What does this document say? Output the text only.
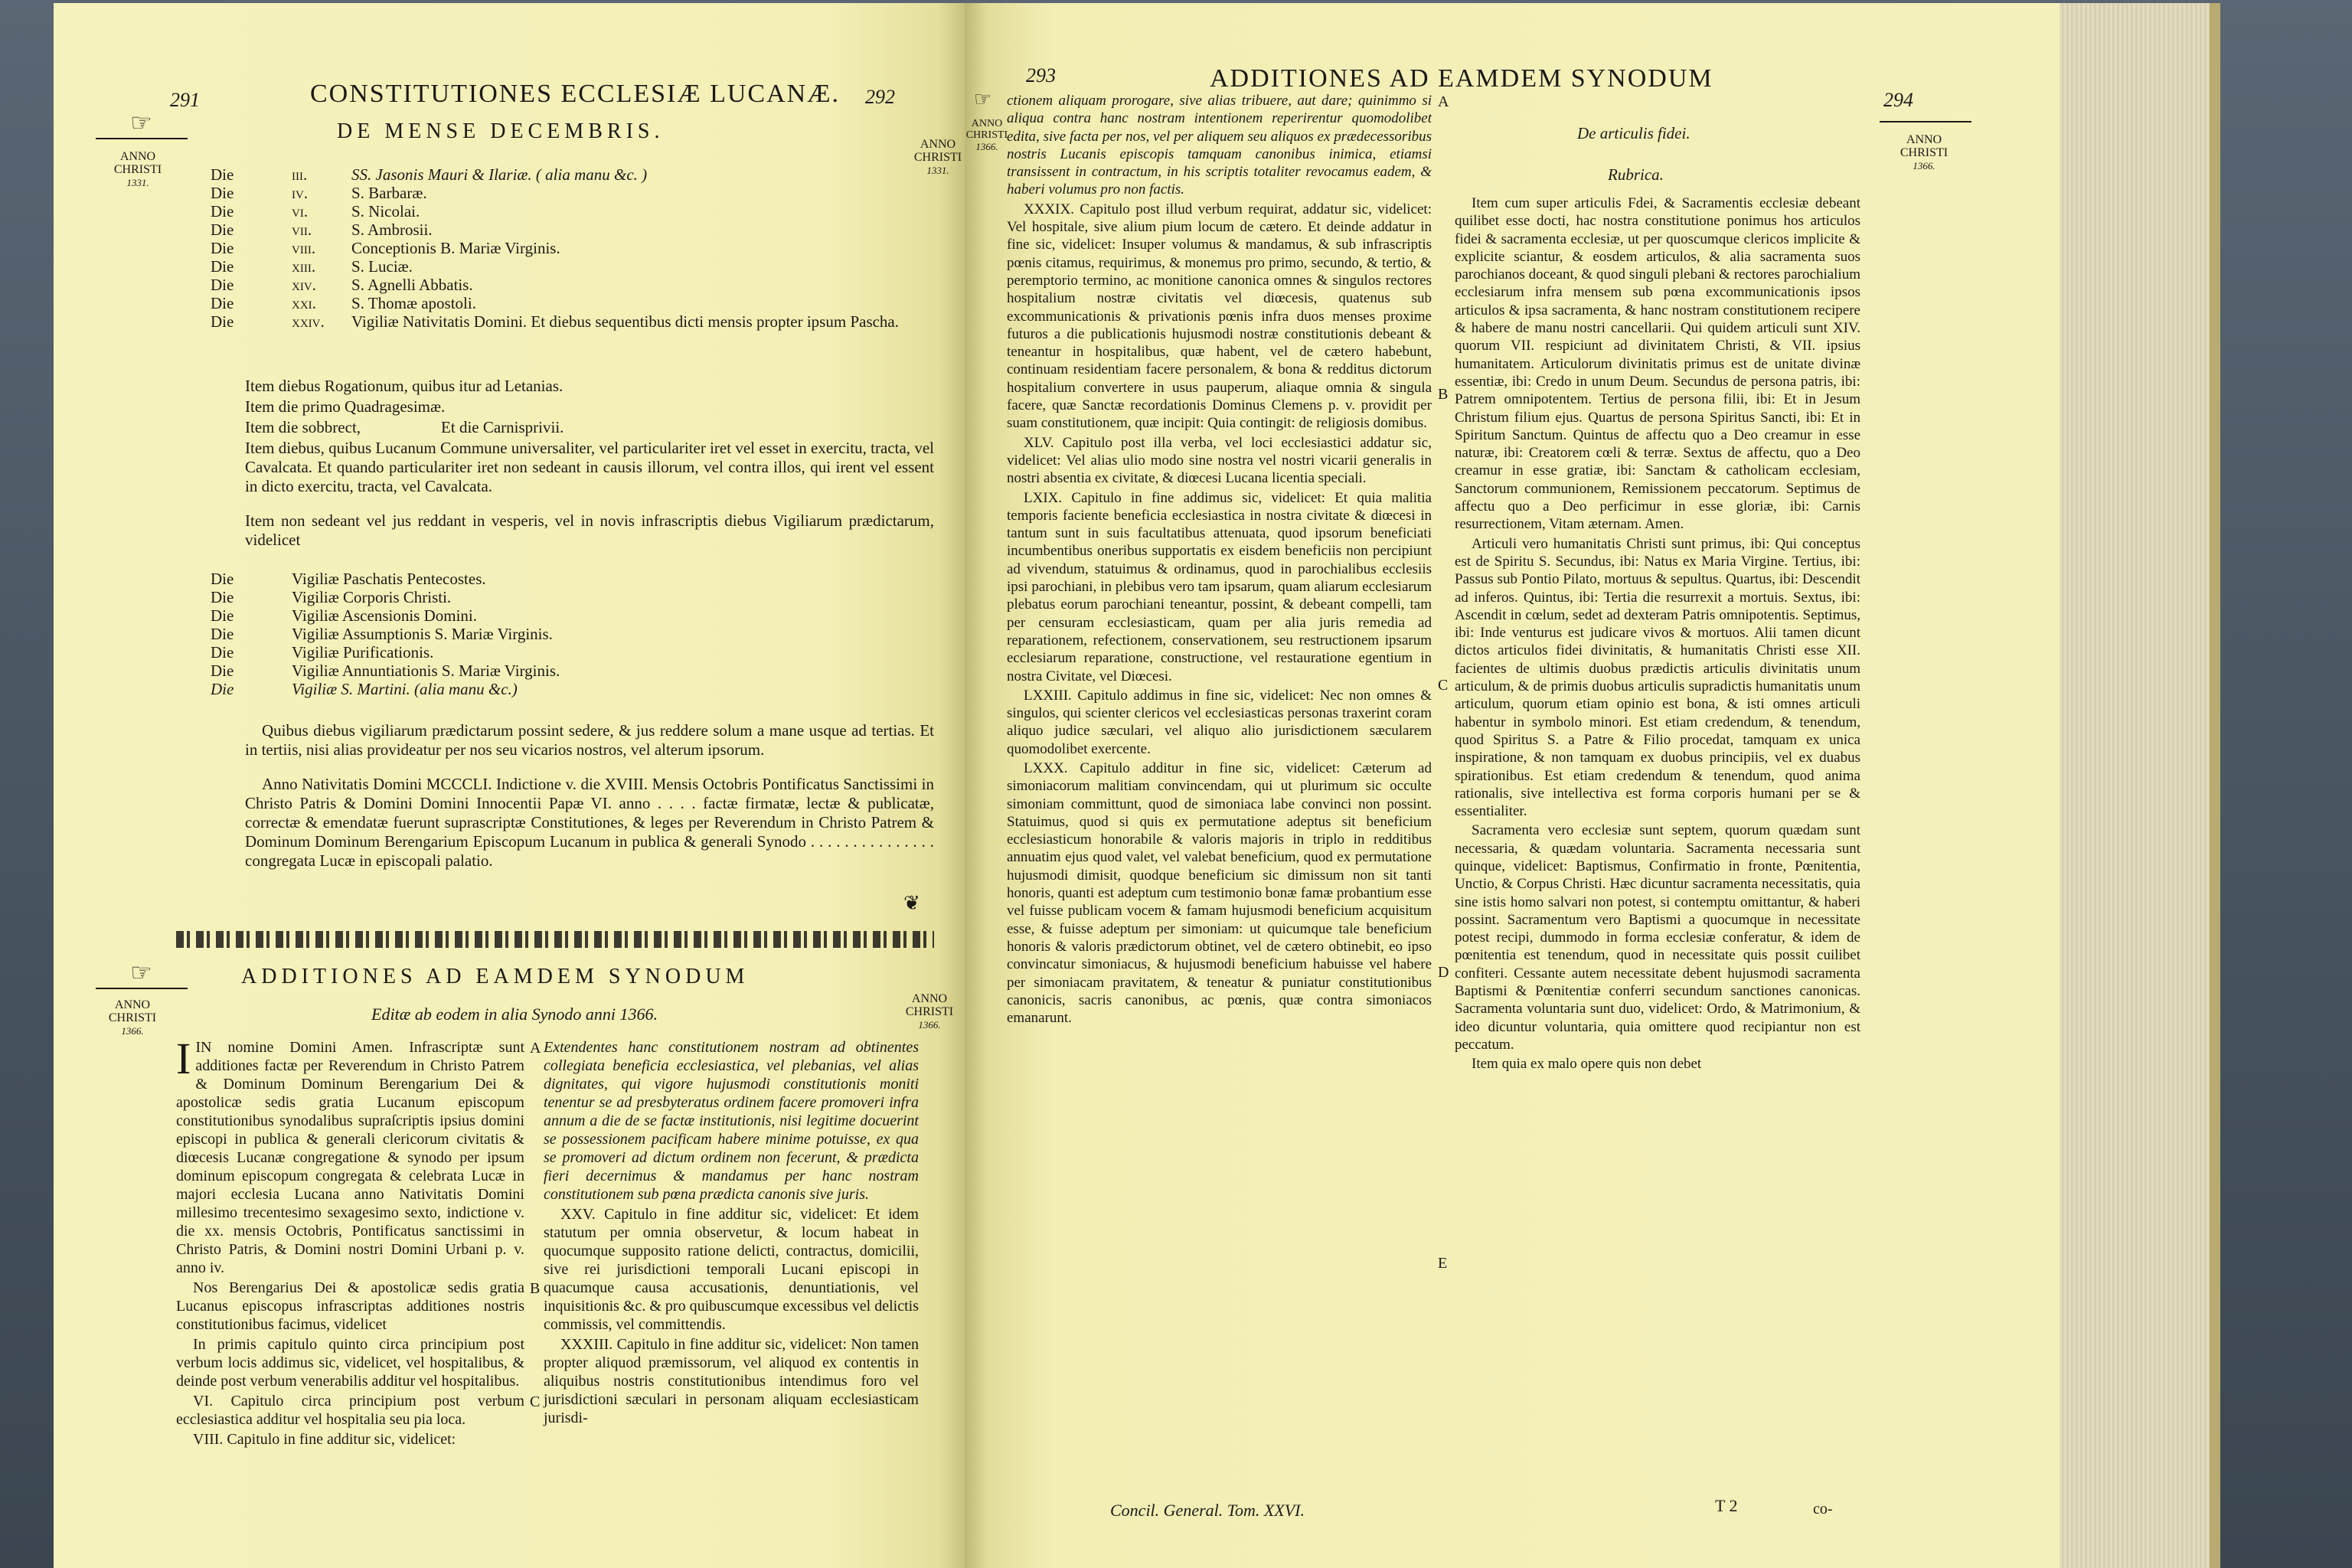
291	CONSTITUTIONES ECCLESIÆ LUCANÆ. 292
☞	DE MENSE DECEMBRIS.
ANNO
CHRISTI
1331.
ANNO
CHRISTI
1331.
Die	iii.	SS. Jasonis Mauri & Ilariæ. ( alia manu &c. )
Die	iv.	S. Barbaræ.
Die	vi.	S. Nicolai.
Die	vii.	S. Ambrosii.
Die	viii.	Conceptionis B. Mariæ Virginis.
Die	xiii.	S. Luciæ.
Die	xiv.	S. Agnelli Abbatis.
Die	xxi.	S. Thomæ apostoli.
Die	xxiv.	Vigiliæ Nativitatis Domini. Et diebus sequentibus dicti mensis propter ipsum Pascha.

Item diebus Rogationum, quibus itur ad Letanias.

Item die primo Quadragesimæ.

Item die sobbrect,                    Et die Carnisprivii.

Item diebus, quibus Lucanum Commune universaliter, vel particulariter iret vel esset in exercitu, tracta, vel Cavalcata. Et quando particulariter iret non sedeant in causis illorum, vel contra illos, qui irent vel essent in dicto exercitu, tracta, vel Cavalcata.

Item non sedeant vel jus reddant in vesperis, vel in novis infrascriptis diebus Vigiliarum prædictarum, videlicet

Die	Vigiliæ Paschatis Pentecostes.
Die	Vigiliæ Corporis Christi.
Die	Vigiliæ Ascensionis Domini.
Die	Vigiliæ Assumptionis S. Mariæ Virginis.
Die	Vigiliæ Purificationis.
Die	Vigiliæ Annuntiationis S. Mariæ Virginis.
Die	Vigiliæ S. Martini. (alia manu &c.)

Quibus diebus vigiliarum prædictarum possint sedere, & jus reddere solum a mane usque ad tertias. Et in tertiis, nisi alias provideatur per nos seu vicarios nostros, vel alterum ipsorum.

Anno Nativitatis Domini MCCCLI. Indictione v. die XVIII. Mensis Octobris Pontificatus Sanctissimi in Christo Patris & Domini Domini Innocentii Papæ VI. anno . . . . factæ firmatæ, lectæ & publicatæ, correctæ & emendatæ fuerunt suprascriptæ Constitutiones, & leges per Reverendum in Christo Patrem & Dominum Dominum Berengarium Episcopum Lucanum in publica & generali Synodo . . . . . . . . . . . . . . . congregata Lucæ in episcopali palatio.

❦
☞	ADDITIONES AD EAMDEM SYNODUM
Editæ ab eodem in alia Synodo anni 1366.
ANNO
CHRISTI
1366.
ANNO
CHRISTI
1366.
I IN nomine Domini Amen. Infrascriptæ sunt additiones factæ per Reverendum in Christo Patrem & Dominum Dominum Berengarium Dei & apostolicæ sedis gratia Lucanum episcopum constitutionibus synodalibus supraſcriptis ipsius domini episcopi in publica & generali clericorum civitatis & diœcesis Lucanæ congregatione & synodo per ipsum dominum episcopum congregata & celebrata Lucæ in majori ecclesia Lucana anno Nativitatis Domini millesimo trecentesimo sexagesimo sexto, indictione v. die xx. mensis Octobris, Pontificatus sanctissimi in Christo Patris, & Domini nostri Domini Urbani p. v. anno iv.

Nos Berengarius Dei & apostolicæ sedis gratia Lucanus episcopus infrascriptas additiones nostris constitutionibus facimus, videlicet

In primis capitulo quinto circa principium post verbum locis addimus sic, videlicet, vel hospitalibus, & deinde post verbum venerabilis additur vel hospitalibus.

VI. Capitulo circa principium post verbum ecclesiastica additur vel hospitalia seu pia loca.

VIII. Capitulo in fine additur sic, videlicet:

A
B
C

Extendentes hanc constitutionem nostram ad obtinentes collegiata beneficia ecclesiastica, vel plebanias, vel alias dignitates, qui vigore hujusmodi constitutionis moniti tenentur se ad presbyteratus ordinem facere promoveri infra annum a die de se factæ institutionis, nisi legitime docuerint se possessionem pacificam habere minime potuisse, ex qua se promoveri ad dictum ordinem non fecerunt, & prædicta fieri decernimus & mandamus per hanc nostram constitutionem sub pœna prædicta canonis sive juris.

XXV. Capitulo in fine additur sic, videlicet: Et idem statutum per omnia observetur, & locum habeat in quocumque supposito ratione delicti, contractus, domicilii, sive rei jurisdictioni temporali Lucani episcopi in quacumque causa accusationis, denuntiationis, vel inquisitionis &c. & pro quibuscumque excessibus vel delictis commissis, vel committendis.

XXXIII. Capitulo in fine additur sic, videlicet: Non tamen propter aliquod præmissorum, vel aliquod ex contentis in aliquibus nostris constitutionibus intendimus foro vel jurisdictioni sæculari in personam aliquam ecclesiasticam jurisdi-

293	ADDITIONES AD EAMDEM SYNODUM
294
☞
ANNO
CHRISTI
1366.
ANNO
CHRISTI
1366.

ctionem aliquam prorogare, sive alias tribuere, aut dare; quinimmo si aliqua contra hanc nostram intentionem reperirentur quomodolibet edita, sive facta per nos, vel per aliquem seu aliquos ex prædecessoribus nostris Lucanis episcopis tamquam canonibus inimica, etiamsi transissent in contractum, in his scriptis totaliter revocamus eadem, & haberi volumus pro non factis.

XXXIX. Capitulo post illud verbum requirat, addatur sic, videlicet: Vel hospitale, sive alium pium locum de cætero. Et deinde addatur in fine sic, videlicet: Insuper volumus & mandamus, & sub infrascriptis pœnis citamus, requirimus, & monemus pro primo, secundo, & tertio, & peremptorio termino, ac monitione canonica omnes & singulos rectores hospitalium nostræ civitatis vel diœcesis, quatenus sub excommunicationis & privationis pœnis infra duos menses proxime futuros a die publicationis hujusmodi nostræ constitutionis debeant & teneantur in hospitalibus, quæ habent, vel de cætero habebunt, continuam residentiam facere personalem, & bona & redditus dictorum hospitalium convertere in usus pauperum, aliaque omnia & singula facere, quæ Sanctæ recordationis Dominus Clemens p. v. providit per suam constitutionem, quæ incipit: Quia contingit: de religiosis domibus.

XLV. Capitulo post illa verba, vel loci ecclesiastici addatur sic, videlicet: Vel alias ulio modo sine nostra vel nostri vicarii generalis in nostri absentia ex civitate, & diœcesi Lucana licentia speciali.

LXIX. Capitulo in fine addimus sic, videlicet: Et quia malitia temporis faciente beneficia ecclesiastica in nostra civitate & diœcesi in tantum sunt in suis facultatibus attenuata, quod ipsorum beneficiati incumbentibus oneribus supportatis ex eisdem beneficiis non percipiunt ad vivendum, statuimus & ordinamus, quod in parochialibus ecclesiis ipsi parochiani, in plebibus vero tam ipsarum, quam aliarum ecclesiarum plebatus eorum parochiani teneantur, possint, & debeant compelli, tam per censuram ecclesiasticam, quam per alia juris remedia ad reparationem, refectionem, conservationem, seu restructionem ipsarum ecclesiarum reparatione, constructione, vel restauratione egentium in nostra Civitate, vel Diœcesi.

LXXIII. Capitulo addimus in fine sic, videlicet: Nec non omnes & singulos, qui scienter clericos vel ecclesiasticas personas traxerint coram aliquo judice sæculari, vel aliquo alio jurisdictionem sæcularem quomodolibet exercente.

LXXX. Capitulo additur in fine sic, videlicet: Cæterum ad simoniacorum malitiam convincendam, qui ut plurimum sic occulte simoniam committunt, quod de simoniaca labe convinci non possint. Statuimus, quod si quis ex permutatione adeptus sit beneficium ecclesiasticum honorabile & valoris majoris in triplo in redditibus annuatim ejus quod valet, vel valebat beneficium, quod ex permutatione hujusmodi dimisit, quodque beneficium sic dimissum non sit tanti honoris, quanti est adeptum cum testimonio bonæ famæ probantium esse vel fuisse publicam vocem & famam hujusmodi beneficium acquisitum esse, & fuisse adeptum per simoniam: ut quicumque tale beneficium honoris & valoris prædictorum obtinet, vel de cætero obtinebit, eo ipso convincatur simoniacus, & hujusmodi beneficium habuisse vel habere per simoniacam pravitatem, & teneatur & puniatur constitutionibus canonicis, sacris canonibus, ac pœnis, quæ contra simoniacos emanarunt.

A
B
C
D
E
De articulis fidei.
Rubrica.

Item cum super articulis Fdei, & Sacramentis ecclesiæ debeant quilibet esse docti, hac nostra constitutione ponimus hos articulos fidei & sacramenta ecclesiæ, ut per quoscumque clericos implicite & explicite sciantur, & eosdem articulos, & alia sacramenta suos parochianos doceant, & quod singuli plebani & rectores parochialium ecclesiarum infra mensem sub pœna excommunicationis ipsos articulos & ipsa sacramenta, & hanc nostram constitutionem recipere & habere de manu nostri cancellarii. Qui quidem articuli sunt XIV. quorum VII. respiciunt ad divinitatem Christi, & VII. ipsius humanitatem. Articulorum divinitatis primus est de unitate divinæ essentiæ, ibi: Credo in unum Deum. Secundus de persona patris, ibi: Patrem omnipotentem. Tertius de persona filii, ibi: Et in Jesum Christum filium ejus. Quartus de persona Spiritus Sancti, ibi: Et in Spiritum Sanctum. Quintus de affectu quo a Deo creamur in esse naturæ, ibi: Creatorem cœli & terræ. Sextus de affectu, quo a Deo creamur in esse gratiæ, ibi: Sanctam & catholicam ecclesiam, Sanctorum communionem, Remissionem peccatorum. Septimus de affectu quo a Deo perficimur in esse gloriæ, ibi: Carnis resurrectionem, Vitam æternam. Amen.

Articuli vero humanitatis Christi sunt primus, ibi: Qui conceptus est de Spiritu S. Secundus, ibi: Natus ex Maria Virgine. Tertius, ibi: Passus sub Pontio Pilato, mortuus & sepultus. Quartus, ibi: Descendit ad inferos. Quintus, ibi: Tertia die resurrexit a mortuis. Sextus, ibi: Ascendit in cœlum, sedet ad dexteram Patris omnipotentis. Septimus, ibi: Inde venturus est judicare vivos & mortuos. Alii tamen dicunt dictos articulos fidei divinitatis, & humanitatis Christi esse XII. facientes de ultimis duobus prædictis articulis divinitatis unum articulum, & de primis duobus articulis supradictis humanitatis unum articulum, quorum etiam opinio est bona, & isti omnes articuli habentur in symbolo minori. Est etiam credendum, & tenendum, quod Spiritus S. a Patre & Filio procedat, tamquam ex unica inspiratione, & non tamquam ex duobus principiis, vel ex duabus spirationibus. Est etiam credendum & tenendum, quod anima rationalis, sive intellectiva est forma corporis humani per se & essentialiter.

Sacramenta vero ecclesiæ sunt septem, quorum quædam sunt necessaria, & quædam voluntaria. Sacramenta necessaria sunt quinque, videlicet: Baptismus, Confirmatio in fronte, Pœnitentia, Unctio, & Corpus Christi. Hæc dicuntur sacramenta necessitatis, quia sine istis homo salvari non potest, si contemptu omittantur, & haberi possint. Sacramentum vero Baptismi a quocumque in necessitate potest recipi, dummodo in forma ecclesiæ conferatur, & idem de pœnitentia est tenendum, quod in necessitate quis possit cuilibet confiteri. Cessante autem necessitate debent hujusmodi sacramenta Baptismi & Pœnitentiæ conferri secundum sanctiones canonicas. Sacramenta voluntaria sunt duo, videlicet: Ordo, & Matrimonium, & ideo dicuntur voluntaria, quia omittere quod recipiantur non est peccatum.

Item quia ex malo opere quis non debet

Concil. General. Tom. XXVI.	T 2	co-
